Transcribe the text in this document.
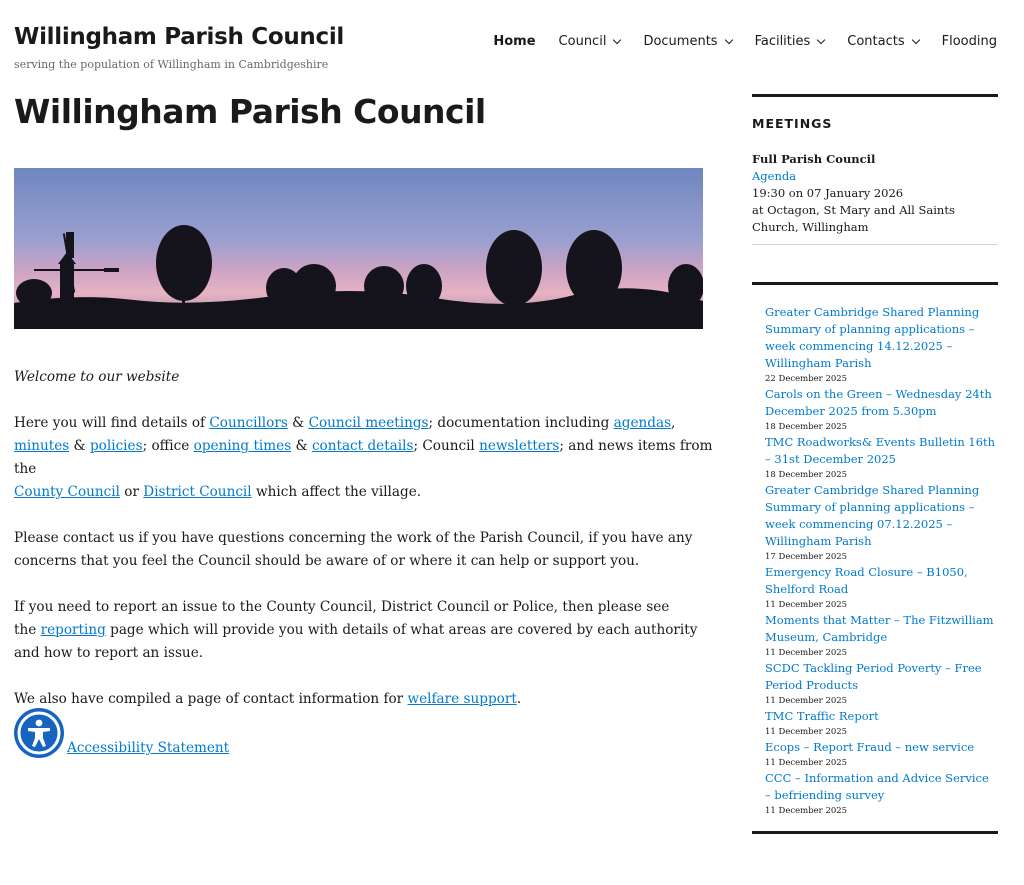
Willingham Parish Council
serving the population of Willingham in Cambridgeshire
Home Council	Documents	Facilities	Contacts	Flooding
Willingham Parish Council

Welcome to our website

Here you will find details of Councillors & Council meetings; documentation including agendas,
minutes & policies; office opening times & contact details; Council newsletters; and news items from the
County Council or District Council which affect the village.

Please contact us if you have questions concerning the work of the Parish Council, if you have any concerns that you feel the Council should be aware of or where it can help or support you.

If you need to report an issue to the County Council, District Council or Police, then please see
the reporting page which will provide you with details of what areas are covered by each authority and how to report an issue.

We also have compiled a page of contact information for welfare support.

Accessibility Statement
MEETINGS
Full Parish Council
Agenda
19:30 on 07 January 2026
at Octagon, St Mary and All Saints Church, Willingham
Greater Cambridge Shared Planning Summary of planning applications – week commencing 14.12.2025 – Willingham Parish
22 December 2025
Carols on the Green – Wednesday 24th December 2025 from 5.30pm
18 December 2025
TMC Roadworks& Events Bulletin 16th – 31st December 2025
18 December 2025
Greater Cambridge Shared Planning Summary of planning applications – week commencing 07.12.2025 – Willingham Parish
17 December 2025
Emergency Road Closure – B1050, Shelford Road
11 December 2025
Moments that Matter – The Fitzwilliam Museum, Cambridge
11 December 2025
SCDC Tackling Period Poverty – Free Period Products
11 December 2025
TMC Traffic Report
11 December 2025
Ecops – Report Fraud – new service
11 December 2025
CCC – Information and Advice Service – befriending survey
11 December 2025
